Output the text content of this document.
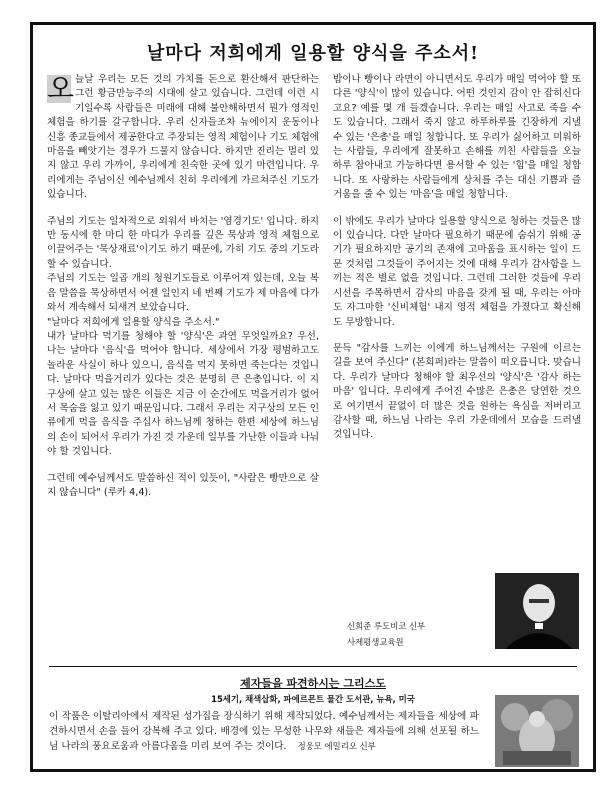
날마다 저희에게 일용할 양식을 주소서!
오 늘날 우리는 모든 것의 가치를 돈으로 환산해서 판단하는 그런 황금만능주의 시대에 살고 있습니다. 그런데 이런 시기일수록 사람들은 미래에 대해 불안해하면서 뭔가 영적인 체험을 하기를 갈구합니다. 우리 신자들조차 뉴에이지 운동이나 신흥 종교들에서 제공한다고 주장되는 영적 체험이나 기도 체험에 마음을 빼앗기는 경우가 드물지 않습니다. 하지만 진리는 멀리 있지 않고 우리 가까이, 우리에게 친숙한 곳에 있기 마련입니다. 우리에게는 주님이신 예수님께서 친히 우리에게 가르쳐주신 기도가 있습니다.

주님의 기도는 일차적으로 외워서 바치는 '염경기도' 입니다. 하지만 동시에 한 마디 한 마디가 우리를 깊은 묵상과 영적 체험으로 이끌어주는 '묵상재료'이기도 하기 때문에, 가히 기도 중의 기도라 할 수 있습니다.
주님의 기도는 일곱 개의 청원기도들로 이루어져 있는데, 오늘 복음 말씀을 묵상하면서 어젠 일인지 네 번째 기도가 제 마음에 다가와서 계속해서 되새겨 보았습니다.
"날마다 저희에게 일용할 양식을 주소서."
내가 날마다 먹기를 청해야 할 '양식'은 과연 무엇일까요? 우선, 나는 날마다 '음식'을 먹어야 합니다. 세상에서 가장 평범하고도 놀라운 사실이 하나 있으니, 음식을 먹지 못하면 죽는다는 것입니다. 날마다 먹을거리가 있다는 것은 분명히 큰 은총입니다. 이 지구상에 살고 있는 많은 이들은 지금 이 순간에도 먹을거리가 없어서 목숨을 잃고 있기 때문입니다. 그래서 우리는 지구상의 모든 인류에게 먹을 음식을 주십사 하느님께 청하는 한편 세상에 하느님의 손이 되어서 우리가 가진 것 가운데 일부를 가난한 이들과 나눠야 할 것입니다.

그런데 예수님께서도 말씀하신 적이 있듯이, "사람은 빵만으로 살지 않습니다" (루카 4,4).

밥이나 빵이나 라면이 아니면서도 우리가 매일 먹어야 할 또 다른 '양식'이 많이 있습니다. 어떤 것인지 감이 안 잡히신다고요? 예를 몇 개 들겠습니다. 우리는 매일 사고로 죽을 수도 있습니다. 그래서 죽지 않고 하루하루를 긴장하게 지낼 수 있는 '은총'을 매일 청합니다. 또 우리가 싫어하고 미워하는 사람들, 우리에게 잘못하고 손해를 끼친 사람들을 오늘 하루 참아내고 가능하다면 용서할 수 있는 '힘'을 매일 청합니다. 또 사랑하는 사람들에게 상처를 주는 대신 기쁨과 즐거움을 줄 수 있는 '마음'을 매일 청합니다.

이 밖에도 우리가 날마다 일용할 양식으로 청하는 것들은 많이 있습니다. 다만 날마다 필요하기 때문에 숨쉬기 위해 공기가 필요하지만 공기의 존재에 고마움을 표시하는 일이 드문 것처럼 그것들이 주어지는 것에 대해 우리가 감사함을 느끼는 적은 별로 없을 것입니다. 그런데 그러한 것들에 우리 시선을 주목하면서 감사의 마음을 갖게 될 때, 우리는 아마도 자그마한 '신비체험' 내지 영적 체험을 가졌다고 확신해도 무방합니다.

문득 "감사를 느끼는 이에게 하느님께서는 구원에 이르는 길을 보여 주신다" (본회퍼)라는 말씀이 떠오릅니다. 맞습니다. 우리가 날마다 청해야 할 최우선의 '양식'은 '감사 하는 마음' 입니다. 우리에게 주어진 수많은 은총은 당연한 것으로 여기면서 끝없이 더 많은 것을 원하는 욕심을 저버리고 감사할 때, 하느님 나라는 우리 가운데에서 모습을 드러낼 것입니다.

신희준 루도비코 신부
사제평생교육원
제자들을 파견하시는 그리스도
15세기, 채색삽화, 파에르몬트 물간 도서관, 뉴욕, 미국
이 작품은 이탈리아에서 제작된 성가집을 장식하기 위해 제작되었다. 예수님께서는 제자들을 세상에 파견하시면서 손을 들어 강복해 주고 있다. 배경에 있는 무성한 나무와 새들은 제자들에 의해 선포될 하느님 나라의 풍요로움과 아름다움을 미리 보여 주는 것이다. 정웅모 에밀리오 신부
